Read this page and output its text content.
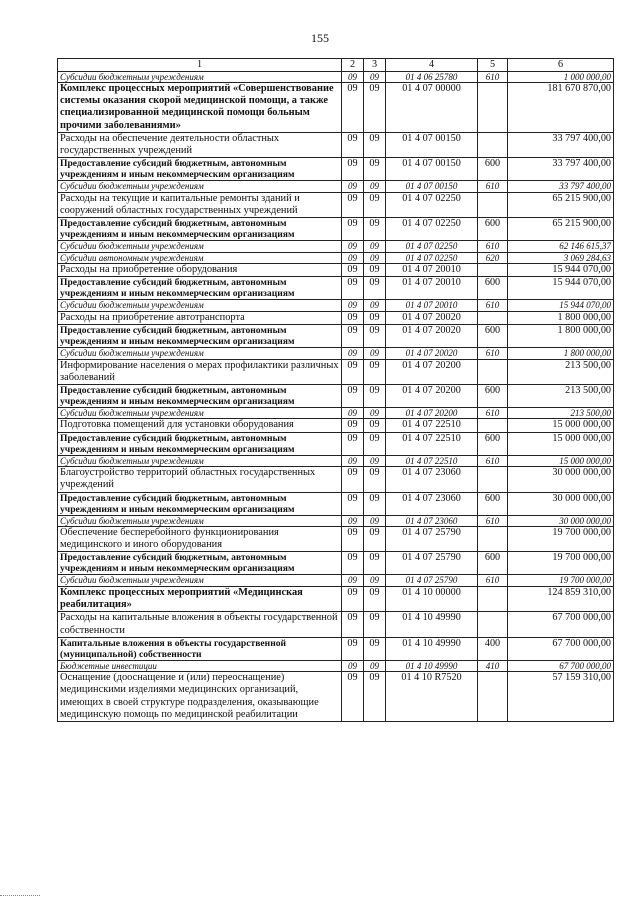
155
1	2	3	4	5	6
Субсидии бюджетным учреждениям	09	09	01 4 06 25780	610	1 000 000,00
Комплекс процессных мероприятий «Совершенствование системы оказания скорой медицинской помощи, а также специализированной медицинской помощи больным прочими заболеваниями»	09	09	01 4 07 00000		181 670 870,00
Расходы на обеспечение деятельности областных государственных учреждений	09	09	01 4 07 00150		33 797 400,00
Предоставление субсидий бюджетным, автономным учреждениям и иным некоммерческим организациям	09	09	01 4 07 00150	600	33 797 400,00
Субсидии бюджетным учреждениям	09	09	01 4 07 00150	610	33 797 400,00
Расходы на текущие и капитальные ремонты зданий и сооружений областных государственных учреждений	09	09	01 4 07 02250		65 215 900,00
Предоставление субсидий бюджетным, автономным учреждениям и иным некоммерческим организациям	09	09	01 4 07 02250	600	65 215 900,00
Субсидии бюджетным учреждениям	09	09	01 4 07 02250	610	62 146 615,37
Субсидии автономным учреждениям	09	09	01 4 07 02250	620	3 069 284,63
Расходы на приобретение оборудования	09	09	01 4 07 20010		15 944 070,00
Предоставление субсидий бюджетным, автономным учреждениям и иным некоммерческим организациям	09	09	01 4 07 20010	600	15 944 070,00
Субсидии бюджетным учреждениям	09	09	01 4 07 20010	610	15 944 070,00
Расходы на приобретение автотранспорта	09	09	01 4 07 20020		1 800 000,00
Предоставление субсидий бюджетным, автономным учреждениям и иным некоммерческим организациям	09	09	01 4 07 20020	600	1 800 000,00
Субсидии бюджетным учреждениям	09	09	01 4 07 20020	610	1 800 000,00
Информирование населения о мерах профилактики различных заболеваний	09	09	01 4 07 20200		213 500,00
Предоставление субсидий бюджетным, автономным учреждениям и иным некоммерческим организациям	09	09	01 4 07 20200	600	213 500,00
Субсидии бюджетным учреждениям	09	09	01 4 07 20200	610	213 500,00
Подготовка помещений для установки оборудования	09	09	01 4 07 22510		15 000 000,00
Предоставление субсидий бюджетным, автономным учреждениям и иным некоммерческим организациям	09	09	01 4 07 22510	600	15 000 000,00
Субсидии бюджетным учреждениям	09	09	01 4 07 22510	610	15 000 000,00
Благоустройство территорий областных государственных учреждений	09	09	01 4 07 23060		30 000 000,00
Предоставление субсидий бюджетным, автономным учреждениям и иным некоммерческим организациям	09	09	01 4 07 23060	600	30 000 000,00
Субсидии бюджетным учреждениям	09	09	01 4 07 23060	610	30 000 000,00
Обеспечение бесперебойного функционирования медицинского и иного оборудования	09	09	01 4 07 25790		19 700 000,00
Предоставление субсидий бюджетным, автономным учреждениям и иным некоммерческим организациям	09	09	01 4 07 25790	600	19 700 000,00
Субсидии бюджетным учреждениям	09	09	01 4 07 25790	610	19 700 000,00
Комплекс процессных мероприятий «Медицинская реабилитация»	09	09	01 4 10 00000		124 859 310,00
Расходы на капитальные вложения в объекты государственной собственности	09	09	01 4 10 49990		67 700 000,00
Капитальные вложения в объекты государственной (муниципальной) собственности	09	09	01 4 10 49990	400	67 700 000,00
Бюджетные инвестиции	09	09	01 4 10 49990	410	67 700 000,00
Оснащение (дооснащение и (или) переоснащение) медицинскими изделиями медицинских организаций, имеющих в своей структуре подразделения, оказывающие медицинскую помощь по медицинской реабилитации	09	09	01 4 10 R7520		57 159 310,00
